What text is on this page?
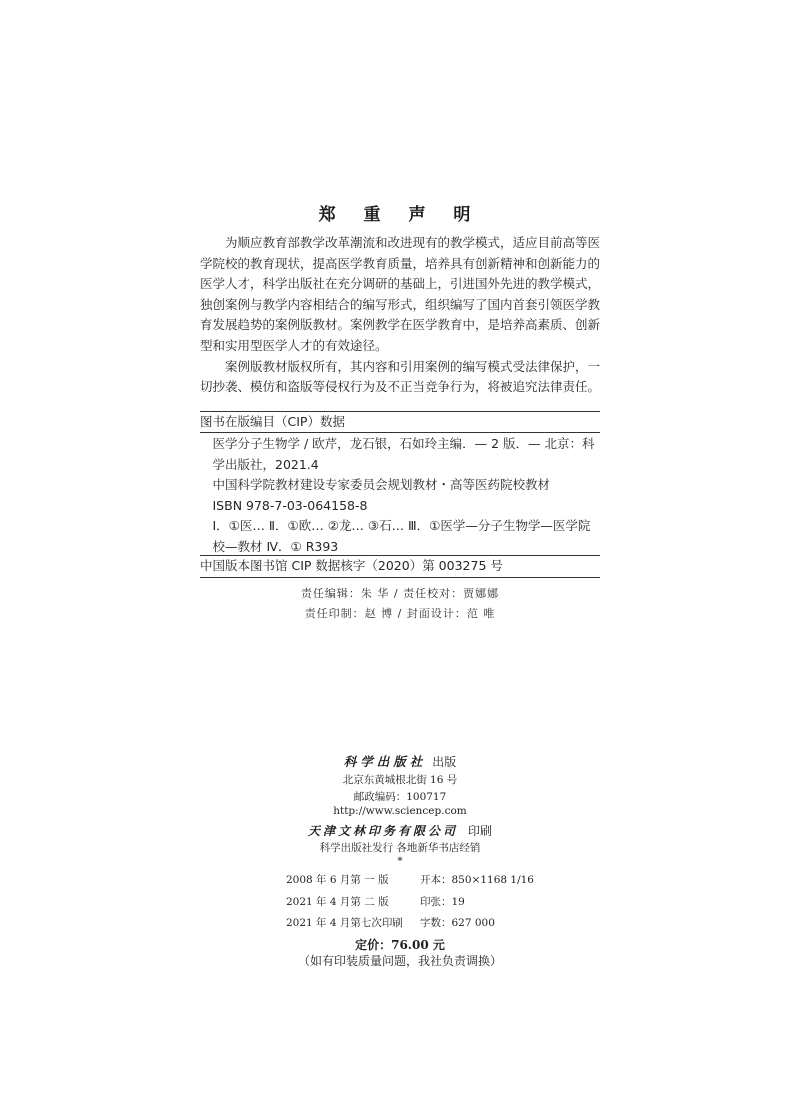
郑 重 声 明

为顺应教育部教学改革潮流和改进现有的教学模式，适应目前高等医学院校的教育现状，提高医学教育质量，培养具有创新精神和创新能力的医学人才，科学出版社在充分调研的基础上，引进国外先进的教学模式，独创案例与教学内容相结合的编写形式，组织编写了国内首套引领医学教育发展趋势的案例版教材。案例教学在医学教育中，是培养高素质、创新型和实用型医学人才的有效途径。

案例版教材版权所有，其内容和引用案例的编写模式受法律保护，一切抄袭、模仿和盗版等侵权行为及不正当竞争行为，将被追究法律责任。

图书在版编目（CIP）数据
医学分子生物学 / 欧芹，龙石银，石如玲主编．— 2 版．— 北京：科学出版社，2021.4
中国科学院教材建设专家委员会规划教材・高等医药院校教材
ISBN 978-7-03-064158-8
Ⅰ．①医… Ⅱ．①欧… ②龙… ③石… Ⅲ．①医学—分子生物学—医学院校—教材 Ⅳ．① R393
中国版本图书馆 CIP 数据核字（2020）第 003275 号
责任编辑：朱 华 / 责任校对：贾娜娜
责任印制：赵 博 / 封面设计：范 唯
科学出版社 出版
北京东黄城根北街 16 号
邮政编码：100717
http://www.sciencep.com
天津文林印务有限公司 印刷
科学出版社发行 各地新华书店经销
*
2008 年 6 月第 一 版	开本：850×1168 1/16
2021 年 4 月第 二 版	印张：19
2021 年 4 月第七次印刷 字数：627 000
定价：76.00 元
（如有印装质量问题，我社负责调换）
